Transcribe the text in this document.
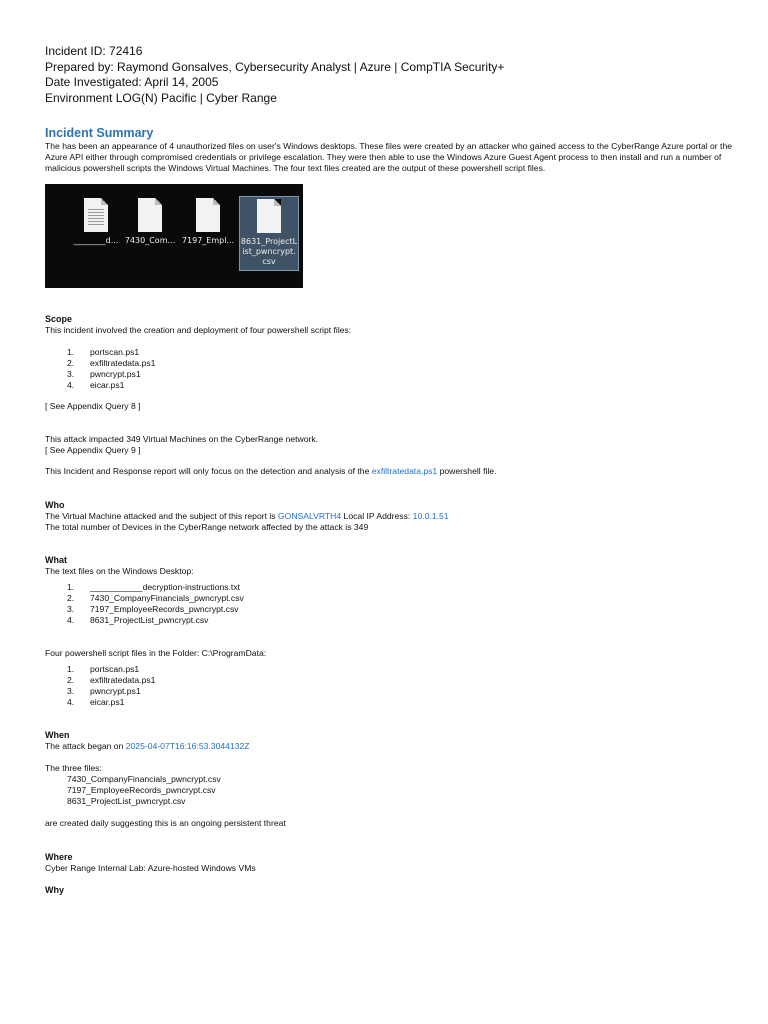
Incident ID: 72416

Prepared by: Raymond Gonsalves, Cybersecurity Analyst | Azure | CompTIA Security+

Date Investigated: April 14, 2005

Environment LOG(N) Pacific | Cyber Range

Incident Summary

The has been an appearance of 4 unauthorized files on user's Windows desktops. These files were created by an attacker who gained access to the CyberRange Azure portal or the Azure API either through compromised credentials or privilege escalation. They were then able to use the Windows Azure Guest Agent process to then install and run a number of malicious powershell scripts the Windows Virtual Machines. The four text files created are the output of these powershell script files.

________d... 7430_Com... 7197_Empl... 8631_ProjectL
ist_pwncrypt.
csv

Scope

This incident involved the creation and deployment of four powershell script files:

1. portscan.ps1
2. exfiltratedata.ps1
3. pwncrypt.ps1
4. eicar.ps1

[ See Appendix Query 8 ]

This attack impacted 349 Virtual Machines on the CyberRange network.

[ See Appendix Query 9 ]

This Incident and Response report will only focus on the detection and analysis of the exfiltratedata.ps1 powershell file.

Who

The Virtual Machine attacked and the subject of this report is GONSALVRTH4 Local IP Address: 10.0.1.51

The total number of Devices in the CyberRange network affected by the attack is 349

What

The text files on the Windows Desktop:

1. ___________decryption-instructions.txt
2. 7430_CompanyFinancials_pwncrypt.csv
3. 7197_EmployeeRecords_pwncrypt.csv
4. 8631_ProjectList_pwncrypt.csv

Four powershell script files in the Folder: C:\ProgramData:

1. portscan.ps1
2. exfiltratedata.ps1
3. pwncrypt.ps1
4. eicar.ps1

When

The attack began on 2025-04-07T16:16:53.3044132Z

The three files:

7430_CompanyFinancials_pwncrypt.csv

7197_EmployeeRecords_pwncrypt.csv

8631_ProjectList_pwncrypt.csv

are created daily suggesting this is an ongoing persistent threat

Where

Cyber Range Internal Lab: Azure-hosted Windows VMs

Why
